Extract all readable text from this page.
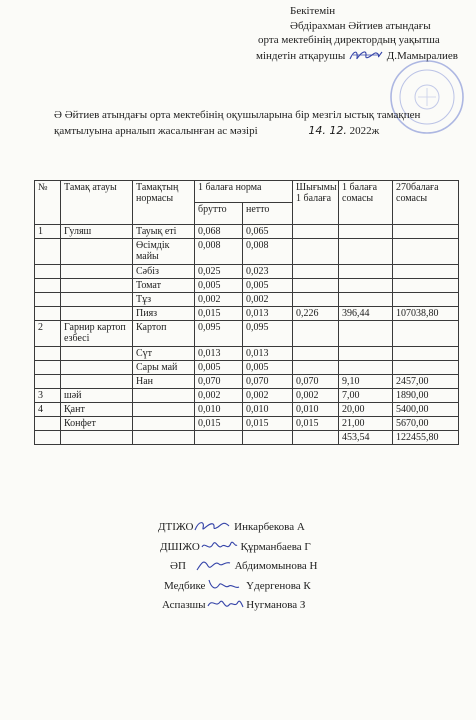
Бекітемін
Әбдірахман Әйтиев атындағы
орта мектебінің директордың уақытша
міндетін атқарушы	Д.Мамыралиев
Ә Әйтиев атындағы орта мектебінің оқушыларына бір мезгіл ыстық тамақпен қамтылуына арналып жасалынған ас мәзірі	14. 12. 2022ж
№	Тамақ атауы	Тамақтың нормасы	1 балаға норма		Шығымы 1 балаға	1 балаға сомасы	270балаға сомасы
			брутто	нетто			
1	Гуляш	Тауық еті	0,068	0,065			
		Өсімдік майы	0,008	0,008			
		Сәбіз	0,025	0,023			
		Томат	0,005	0,005			
		Тұз	0,002	0,002			
		Пияз	0,015	0,013	0,226	396,44	107038,80
2	Гарнир картоп езбесі	Картоп	0,095	0,095			
		Сүт	0,013	0,013			
		Сары май	0,005	0,005			
		Нан	0,070	0,070	0,070	9,10	2457,00
3	шәй		0,002	0,002	0,002	7,00	1890,00
4	Қант		0,010	0,010	0,010	20,00	5400,00
	Конфет		0,015	0,015	0,015	21,00	5670,00
						453,54	122455,80
ДТІЖО	Инкарбекова А
ДШІЖО	Құрманбаева Г
ӘП	Абдимомынова Н
Медбике	Үдергенова К
Аспазшы	Нугманова З
